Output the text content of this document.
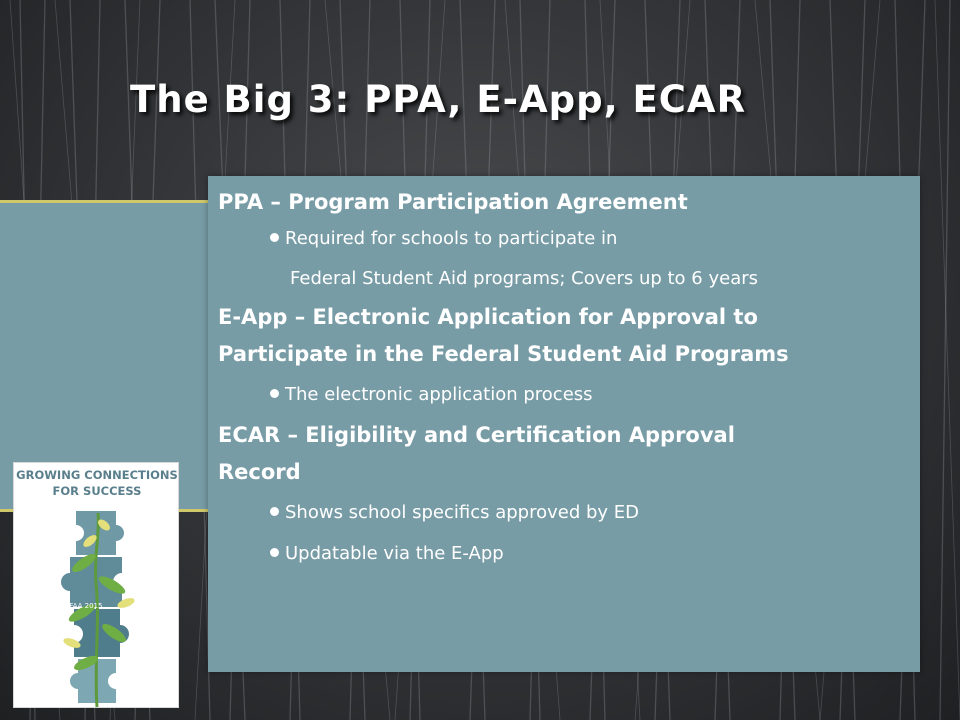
The Big 3: PPA, E-App, ECAR

PPA – Program Participation Agreement

Required for schools to participate in

Federal Student Aid programs; Covers up to 6 years

E-App – Electronic Application for Approval to

Participate in the Federal Student Aid Programs

The electronic application process

ECAR – Eligibility and Certification Approval

Record

Shows school specifics approved by ED

Updatable via the E-App

GROWING CONNECTIONS
FOR SUCCESS
MASFAA 2015
